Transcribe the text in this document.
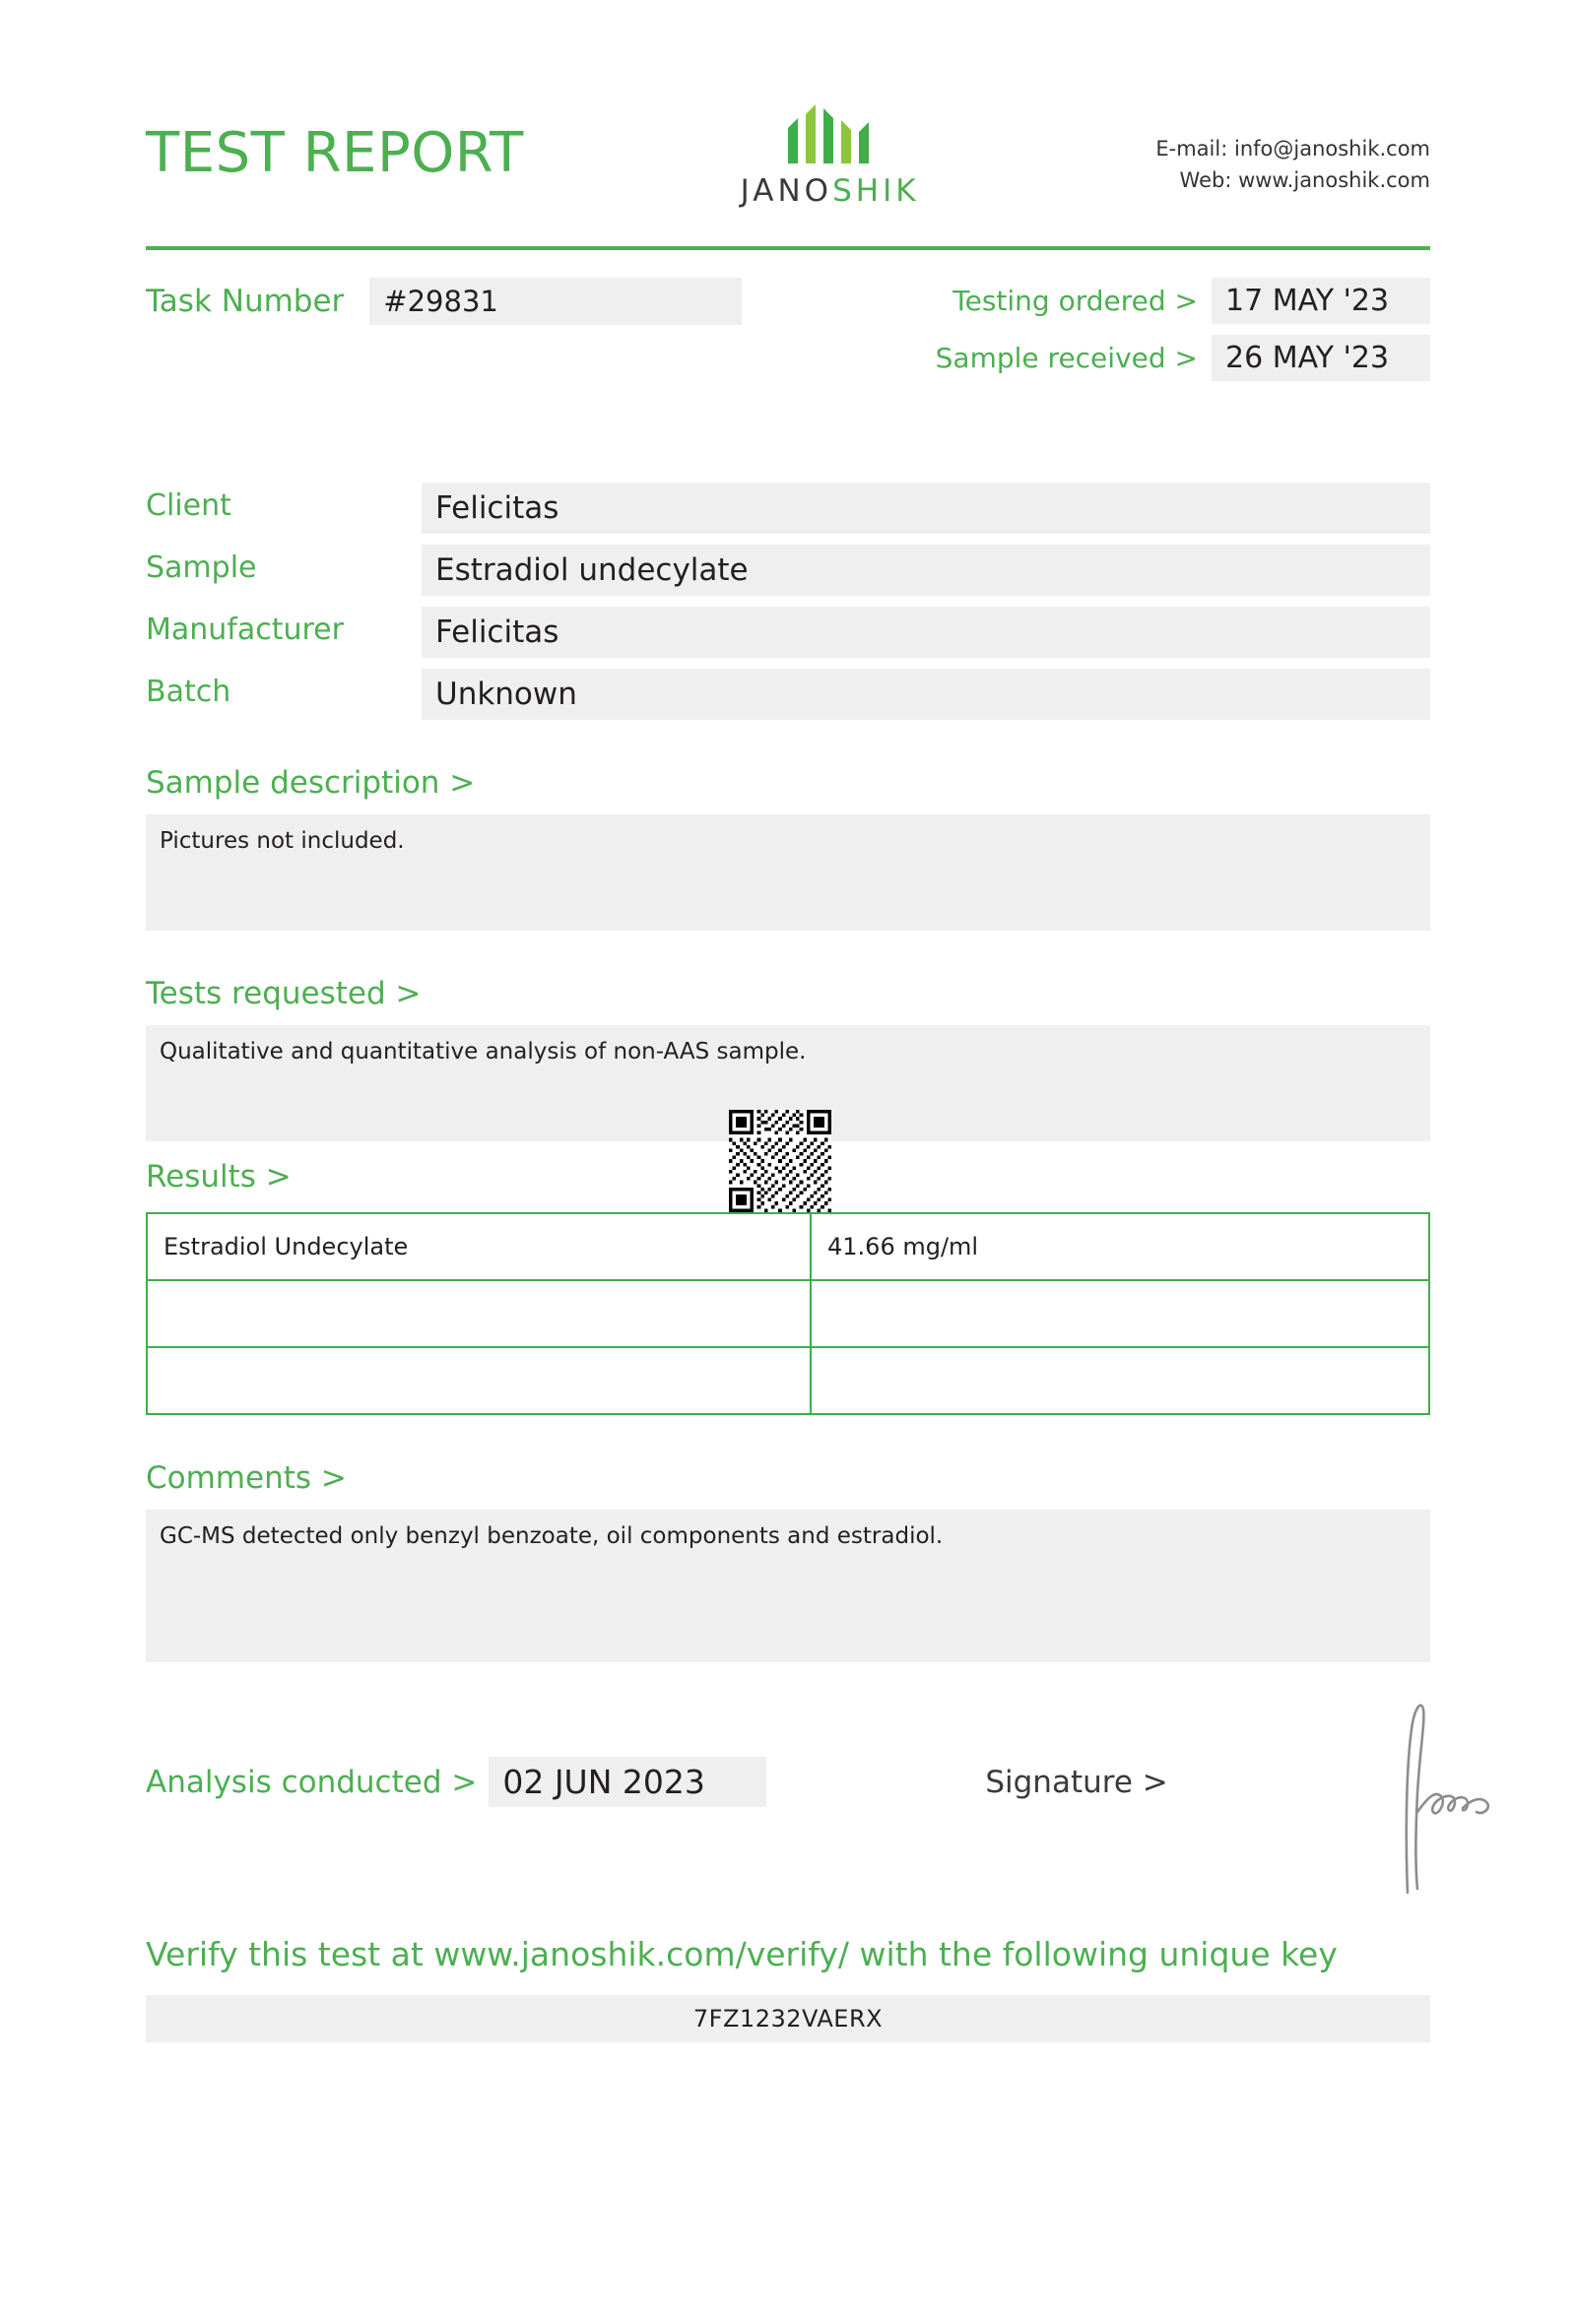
TEST REPORT
JANOSHIK
E-mail: info@janoshik.com
Web: www.janoshik.com
Task Number	#29831	Testing ordered > 17 MAY '23
Sample received > 26 MAY '23
Client	Felicitas
Sample	Estradiol undecylate
Manufacturer	Felicitas
Batch	Unknown
Sample description >
Pictures not included.
Tests requested >
Qualitative and quantitative analysis of non-AAS sample.
Results >
Estradiol Undecylate	41.66 mg/ml

Comments >
GC-MS detected only benzyl benzoate, oil components and estradiol.
Analysis conducted > 02 JUN 2023	Signature >
Verify this test at www.janoshik.com/verify/ with the following unique key
7FZ1232VAERX
